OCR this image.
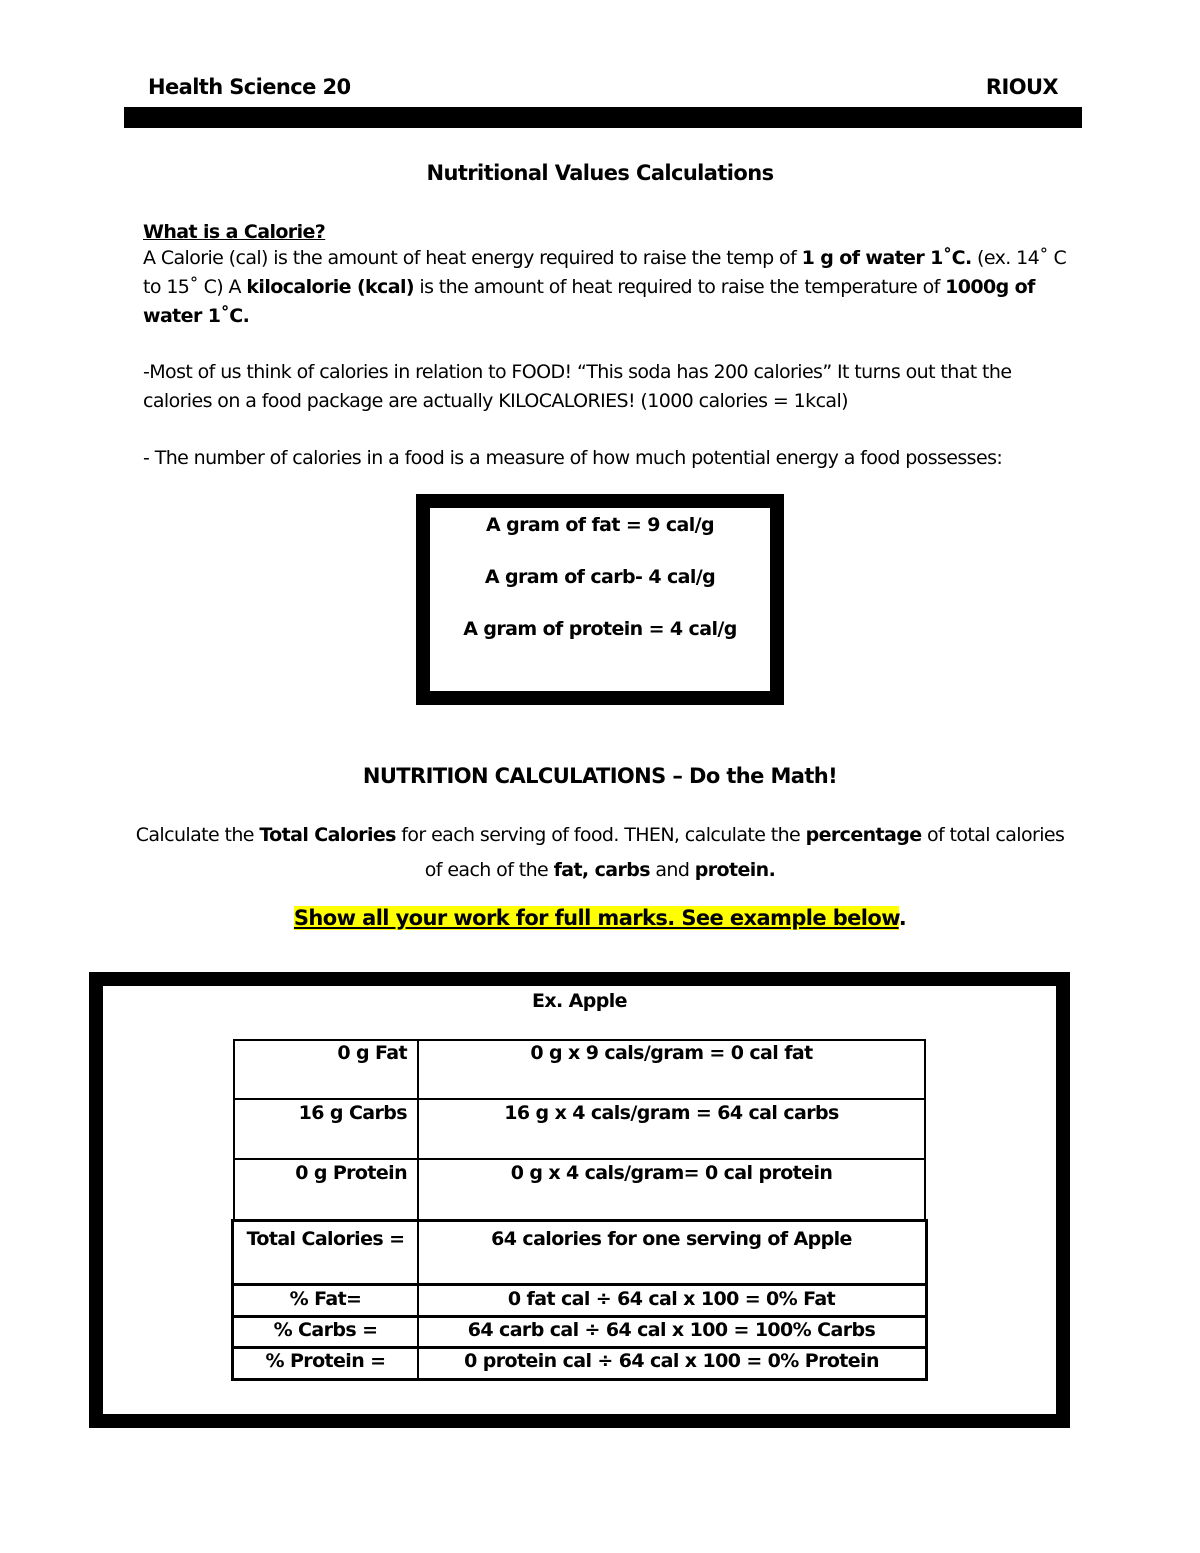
Health Science 20	RIOUX
Nutritional Values Calculations
What is a Calorie?
A Calorie (cal) is the amount of heat energy required to raise the temp of 1 g of water 1˚C. (ex. 14˚ C to 15˚ C) A kilocalorie (kcal) is the amount of heat required to raise the temperature of 1000g of water 1˚C.
-Most of us think of calories in relation to FOOD! “This soda has 200 calories” It turns out that the calories on a food package are actually KILOCALORIES! (1000 calories = 1kcal)
- The number of calories in a food is a measure of how much potential energy a food possesses:
A gram of fat = 9 cal/g
A gram of carb- 4 cal/g
A gram of protein = 4 cal/g
NUTRITION CALCULATIONS – Do the Math!
Calculate the Total Calories for each serving of food. THEN, calculate the percentage of total calories of each of the fat, carbs and protein.
Show all your work for full marks. See example below.
Ex. Apple
0 g Fat	0 g x 9 cals/gram = 0 cal fat
16 g Carbs	16 g x 4 cals/gram = 64 cal carbs
0 g Protein	0 g x 4 cals/gram= 0 cal protein
Total Calories =	64 calories for one serving of Apple
% Fat=	0 fat cal ÷ 64 cal x 100 = 0% Fat
% Carbs =	64 carb cal ÷ 64 cal x 100 = 100% Carbs
% Protein =	0 protein cal ÷ 64 cal x 100 = 0% Protein
